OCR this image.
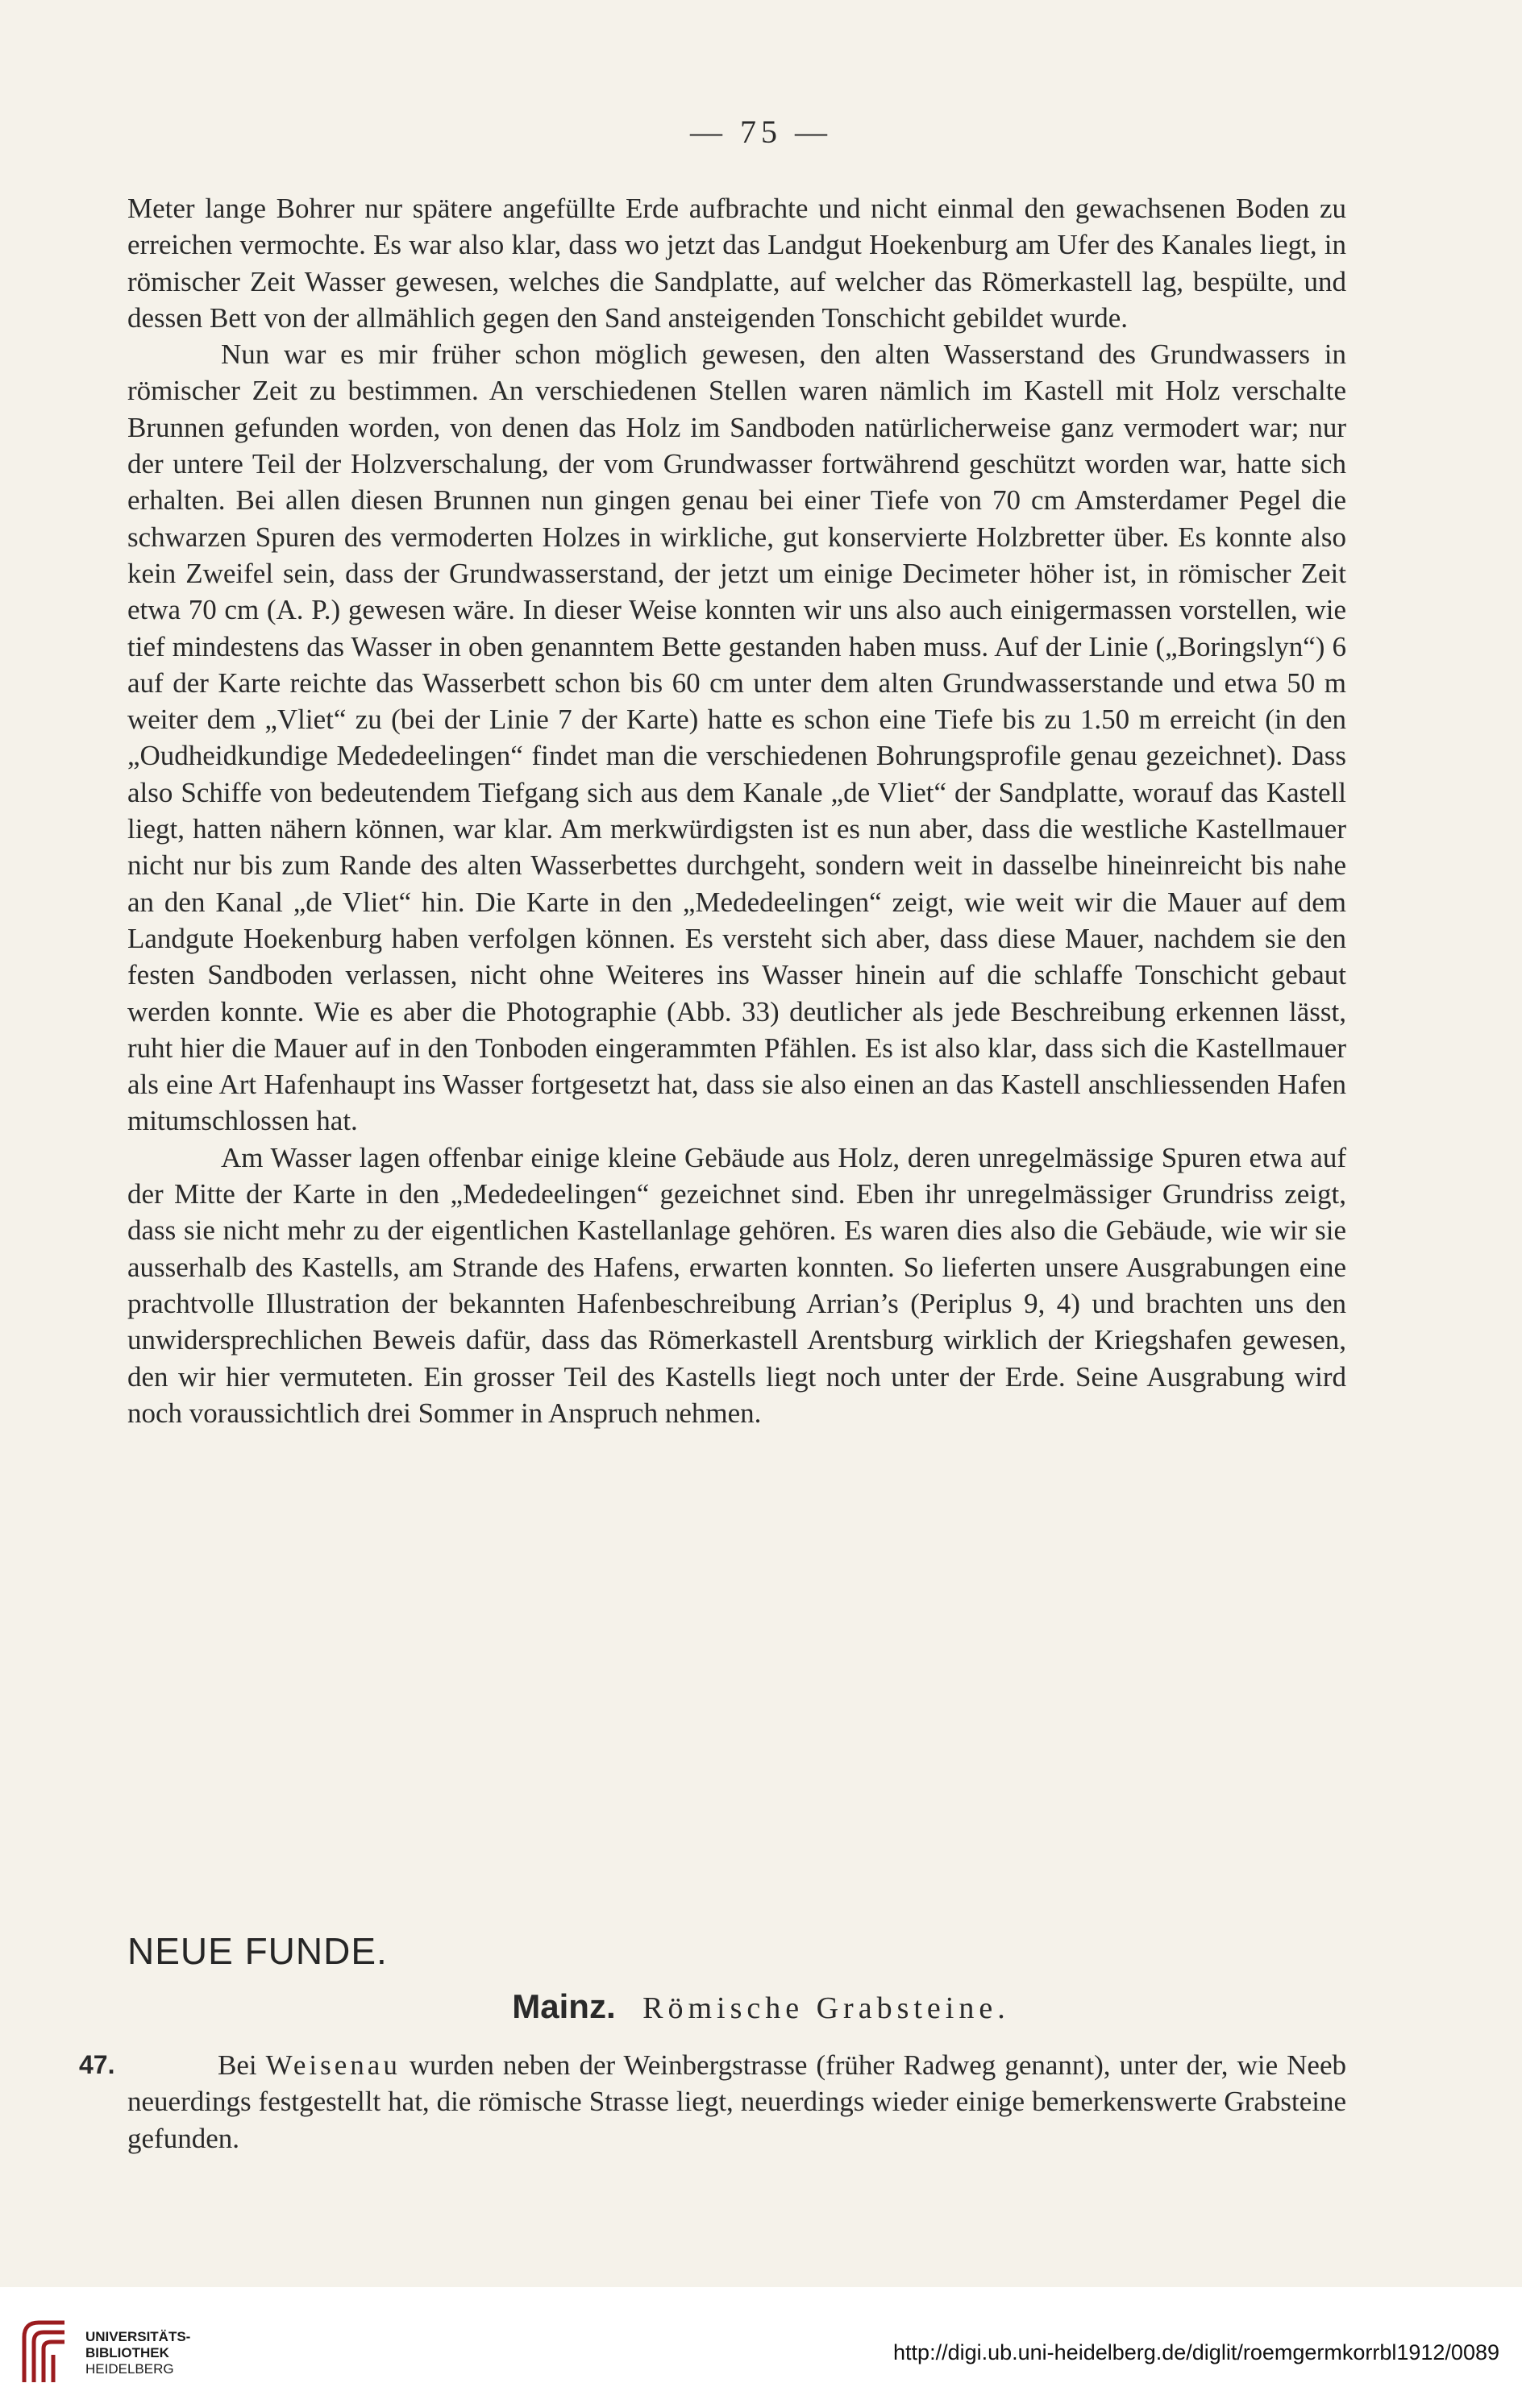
— 75 —

Meter lange Bohrer nur spätere angefüllte Erde aufbrachte und nicht einmal den gewachsenen Boden zu erreichen vermochte. Es war also klar, dass wo jetzt das Landgut Hoekenburg am Ufer des Kanales liegt, in römischer Zeit Wasser gewesen, welches die Sandplatte, auf welcher das Römerkastell lag, bespülte, und dessen Bett von der allmählich gegen den Sand ansteigenden Tonschicht gebildet wurde.

Nun war es mir früher schon möglich gewesen, den alten Wasserstand des Grundwassers in römischer Zeit zu bestimmen. An verschiedenen Stellen waren nämlich im Kastell mit Holz verschalte Brunnen gefunden worden, von denen das Holz im Sandboden natürlicherweise ganz vermodert war; nur der untere Teil der Holzverschalung, der vom Grundwasser fortwährend geschützt worden war, hatte sich erhalten. Bei allen diesen Brunnen nun gingen genau bei einer Tiefe von 70 cm Amsterdamer Pegel die schwarzen Spuren des vermoderten Holzes in wirkliche, gut konservierte Holzbretter über. Es konnte also kein Zweifel sein, dass der Grundwasserstand, der jetzt um einige Decimeter höher ist, in römischer Zeit etwa 70 cm (A. P.) gewesen wäre. In dieser Weise konnten wir uns also auch einigermassen vorstellen, wie tief mindestens das Wasser in oben genanntem Bette gestanden haben muss. Auf der Linie („Boringslyn“) 6 auf der Karte reichte das Wasserbett schon bis 60 cm unter dem alten Grundwasserstande und etwa 50 m weiter dem „Vliet“ zu (bei der Linie 7 der Karte) hatte es schon eine Tiefe bis zu 1.50 m erreicht (in den „Oudheidkundige Mededeelingen“ findet man die verschiedenen Bohrungsprofile genau gezeichnet). Dass also Schiffe von bedeutendem Tiefgang sich aus dem Kanale „de Vliet“ der Sandplatte, worauf das Kastell liegt, hatten nähern können, war klar. Am merkwürdigsten ist es nun aber, dass die westliche Kastellmauer nicht nur bis zum Rande des alten Wasserbettes durchgeht, sondern weit in dasselbe hineinreicht bis nahe an den Kanal „de Vliet“ hin. Die Karte in den „Mededeelingen“ zeigt, wie weit wir die Mauer auf dem Landgute Hoekenburg haben verfolgen können. Es versteht sich aber, dass diese Mauer, nachdem sie den festen Sandboden verlassen, nicht ohne Weiteres ins Wasser hinein auf die schlaffe Tonschicht gebaut werden konnte. Wie es aber die Photographie (Abb. 33) deutlicher als jede Beschreibung erkennen lässt, ruht hier die Mauer auf in den Tonboden eingerammten Pfählen. Es ist also klar, dass sich die Kastellmauer als eine Art Hafenhaupt ins Wasser fortgesetzt hat, dass sie also einen an das Kastell anschliessenden Hafen mitumschlossen hat.

Am Wasser lagen offenbar einige kleine Gebäude aus Holz, deren unregelmässige Spuren etwa auf der Mitte der Karte in den „Mededeelingen“ gezeichnet sind. Eben ihr unregelmässiger Grundriss zeigt, dass sie nicht mehr zu der eigentlichen Kastellanlage gehören. Es waren dies also die Gebäude, wie wir sie ausserhalb des Kastells, am Strande des Hafens, erwarten konnten. So lieferten unsere Ausgrabungen eine prachtvolle Illustration der bekannten Hafenbeschreibung Arrian’s (Periplus 9, 4) und brachten uns den unwidersprechlichen Beweis dafür, dass das Römerkastell Arentsburg wirklich der Kriegshafen gewesen, den wir hier vermuteten. Ein grosser Teil des Kastells liegt noch unter der Erde. Seine Ausgrabung wird noch voraussichtlich drei Sommer in Anspruch nehmen.

NEUE FUNDE.
Mainz. Römische Grabsteine.
47.	Bei Weisenau wurden neben der Weinbergstrasse (früher Radweg genannt), unter der, wie Neeb neuerdings festgestellt hat, die römische Strasse liegt, neuerdings wieder einige bemerkenswerte Grabsteine gefunden.
UNIVERSITÄTS-
BIBLIOTHEK
HEIDELBERG
http://digi.ub.uni-heidelberg.de/diglit/roemgermkorrbl1912/0089
